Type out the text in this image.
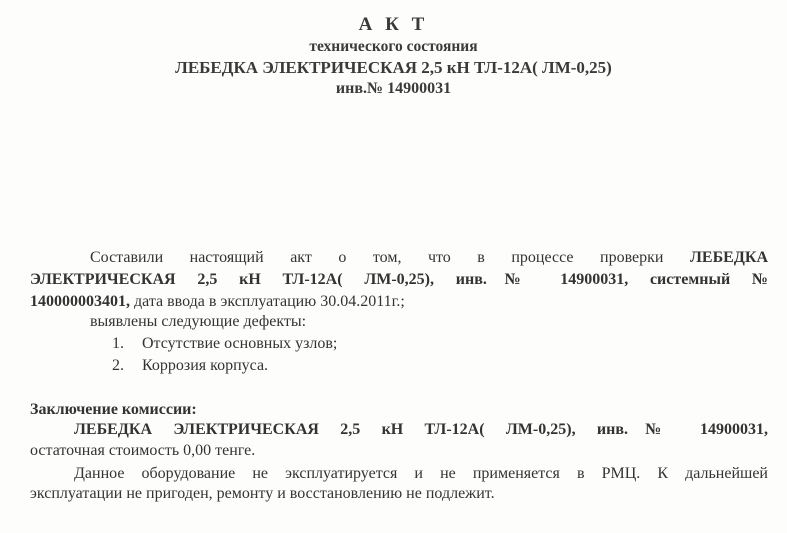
А К Т
технического состояния
ЛЕБЕДКА ЭЛЕКТРИЧЕСКАЯ 2,5 кН ТЛ-12А( ЛМ-0,25)
инв.№ 14900031
Составили настоящий акт о том, что в процессе проверки ЛЕБЕДКА
ЭЛЕКТРИЧЕСКАЯ 2,5 кН ТЛ-12А( ЛМ-0,25), инв.№ 14900031, системный №
140000003401, дата ввода в эксплуатацию 30.04.2011г.;
выявлены следующие дефекты:
1. Отсутствие основных узлов;
2. Коррозия корпуса.
Заключение комиссии:
ЛЕБЕДКА ЭЛЕКТРИЧЕСКАЯ 2,5 кН ТЛ-12А( ЛМ-0,25), инв.№ 14900031,
остаточная стоимость 0,00 тенге.
Данное оборудование не эксплуатируется и не применяется в РМЦ. К дальнейшей
эксплуатации не пригоден, ремонту и восстановлению не подлежит.
